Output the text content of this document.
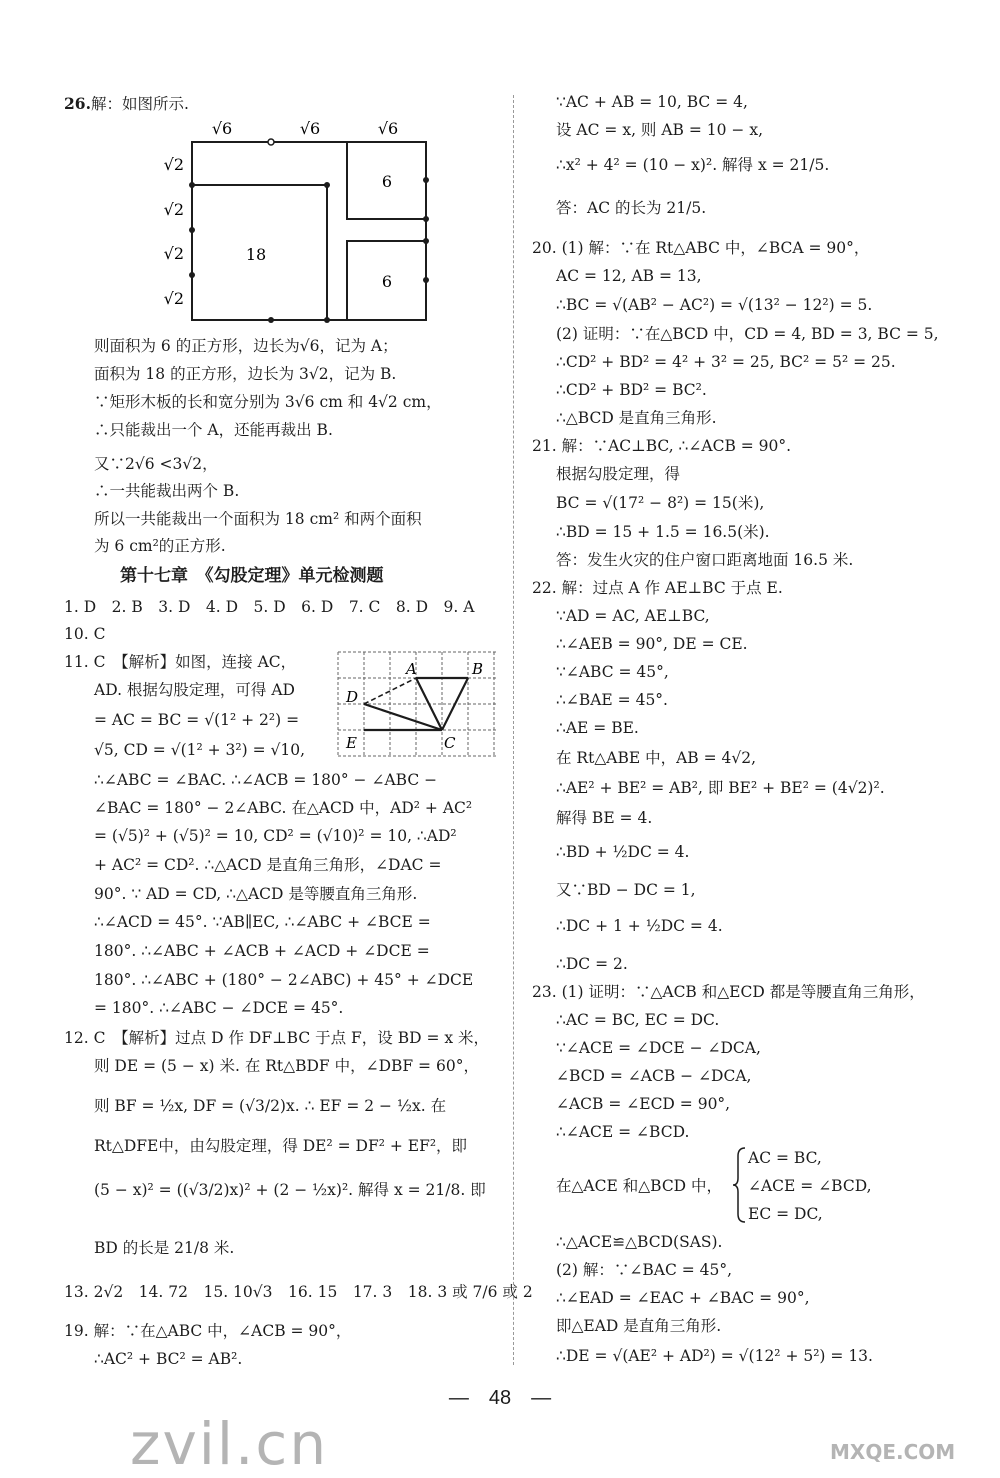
26.解：如图所示.
√6	√6	√6
√2
√2
√2
√2
18
6
6
则面积为 6 的正方形，边长为√6，记为 A；
面积为 18 的正方形，边长为 3√2，记为 B.
∵矩形木板的长和宽分别为 3√6 cm 和 4√2 cm，
∴只能裁出一个 A，还能再裁出 B.
又∵2√6 <3√2，
∴一共能裁出两个 B.
所以一共能裁出一个面积为 18 cm² 和两个面积
为 6 cm²的正方形.
第十七章　《勾股定理》单元检测题
1. D　2. B　3. D　4. D　5. D　6. D　7. C　8. D　9. A
10. C
11. C　【解析】如图，连接 AC，
AD. 根据勾股定理，可得 AD
= AC = BC = √(1² + 2²) =
√5, CD = √(1² + 3²) = √10,
∴∠ABC = ∠BAC. ∴∠ACB = 180° − ∠ABC −
∠BAC = 180° − 2∠ABC. 在△ACD 中，AD² + AC²
= (√5)² + (√5)² = 10, CD² = (√10)² = 10, ∴AD²
+ AC² = CD². ∴△ACD 是直角三角形，∠DAC =
90°. ∵ AD = CD, ∴△ACD 是等腰直角三角形.
∴∠ACD = 45°. ∵AB∥EC, ∴∠ABC + ∠BCE =
180°. ∴∠ABC + ∠ACB + ∠ACD + ∠DCE =
180°. ∴∠ABC + (180° − 2∠ABC) + 45° + ∠DCE
= 180°. ∴∠ABC − ∠DCE = 45°.
A	B
C
D
E
12. C　【解析】过点 D 作 DF⊥BC 于点 F，设 BD = x 米，
则 DE = (5 − x) 米. 在 Rt△BDF 中，∠DBF = 60°，
则 BF = ½x, DF = (√3/2)x. ∴ EF = 2 − ½x. 在
Rt△DFE中，由勾股定理，得 DE² = DF² + EF²，即
(5 − x)² = ((√3/2)x)² + (2 − ½x)². 解得 x = 21/8. 即
BD 的长是 21/8 米.
13. 2√2　14. 72　15. 10√3　16. 15　17. 3　18. 3 或 7/6 或 2
19. 解：∵在△ABC 中，∠ACB = 90°，
∴AC² + BC² = AB².
∵AC + AB = 10, BC = 4,
设 AC = x, 则 AB = 10 − x,
∴x² + 4² = (10 − x)². 解得 x = 21/5.
答：AC 的长为 21/5.
20. (1) 解：∵在 Rt△ABC 中，∠BCA = 90°，
AC = 12, AB = 13,
∴BC = √(AB² − AC²) = √(13² − 12²) = 5.
(2) 证明：∵在△BCD 中，CD = 4, BD = 3, BC = 5,
∴CD² + BD² = 4² + 3² = 25, BC² = 5² = 25.
∴CD² + BD² = BC².
∴△BCD 是直角三角形.
21. 解：∵AC⊥BC, ∴∠ACB = 90°.
根据勾股定理，得
BC = √(17² − 8²) = 15(米),
∴BD = 15 + 1.5 = 16.5(米).
答：发生火灾的住户窗口距离地面 16.5 米.
22. 解：过点 A 作 AE⊥BC 于点 E.
∵AD = AC, AE⊥BC,
∴∠AEB = 90°, DE = CE.
∵∠ABC = 45°,
∴∠BAE = 45°.
∴AE = BE.
在 Rt△ABE 中，AB = 4√2,
∴AE² + BE² = AB², 即 BE² + BE² = (4√2)².
解得 BE = 4.
∴BD + ½DC = 4.
又∵BD − DC = 1,
∴DC + 1 + ½DC = 4.
∴DC = 2.
23. (1) 证明：∵△ACB 和△ECD 都是等腰直角三角形，
∴AC = BC, EC = DC.
∵∠ACE = ∠DCE − ∠DCA,
∠BCD = ∠ACB − ∠DCA,
∠ACB = ∠ECD = 90°,
∴∠ACE = ∠BCD.
在△ACE 和△BCD 中，
AC = BC,
∠ACE = ∠BCD,
EC = DC,
∴△ACE≌△BCD(SAS).
(2) 解：∵∠BAC = 45°,
∴∠EAD = ∠EAC + ∠BAC = 90°,
即△EAD 是直角三角形.
∴DE = √(AE² + AD²) = √(12² + 5²) = 13.
— 48 —
zvil.cn	MXQE.COM
